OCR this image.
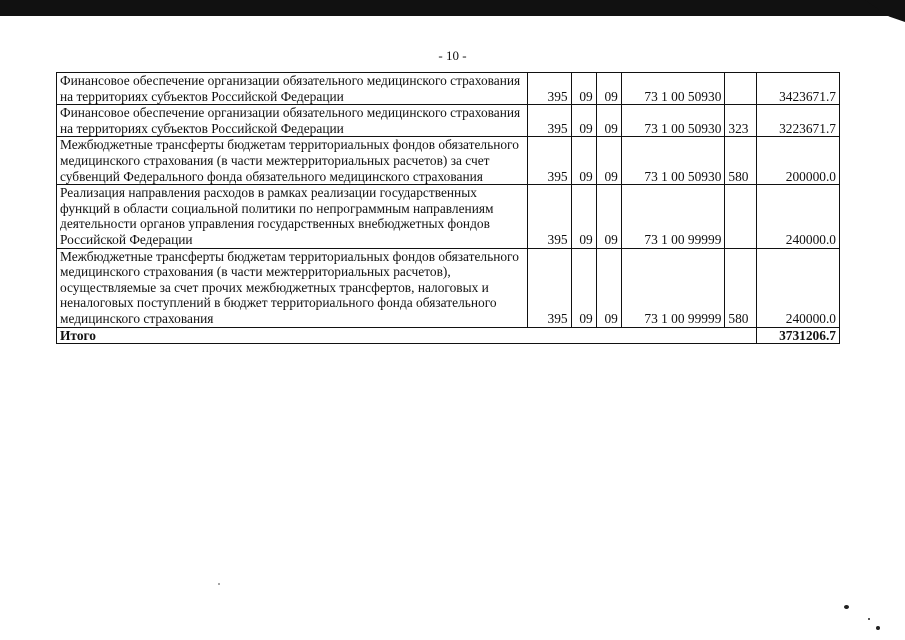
- 10 -
Финансовое обеспечение организации обязательного медицинского страхования на территориях субъектов Российской Федерации	395	09	09	73 1 00 50930		3423671.7
Финансовое обеспечение организации обязательного медицинского страхования на территориях субъектов Российской Федерации	395	09	09	73 1 00 50930	323	3223671.7
Межбюджетные трансферты бюджетам территориальных фондов обязательного медицинского страхования (в части межтерриториальных расчетов) за счет субвенций Федерального фонда обязательного медицинского страхования	395	09	09	73 1 00 50930	580	200000.0
Реализация направления расходов в рамках реализации государственных функций в области социальной политики по непрограммным направлениям деятельности органов управления государственных внебюджетных фондов Российской Федерации	395	09	09	73 1 00 99999		240000.0
Межбюджетные трансферты бюджетам территориальных фондов обязательного медицинского страхования (в части межтерриториальных расчетов), осуществляемые за счет прочих межбюджетных трансфертов, налоговых и неналоговых поступлений в бюджет территориального фонда обязательного медицинского страхования	395	09	09	73 1 00 99999	580	240000.0
Итого						3731206.7
